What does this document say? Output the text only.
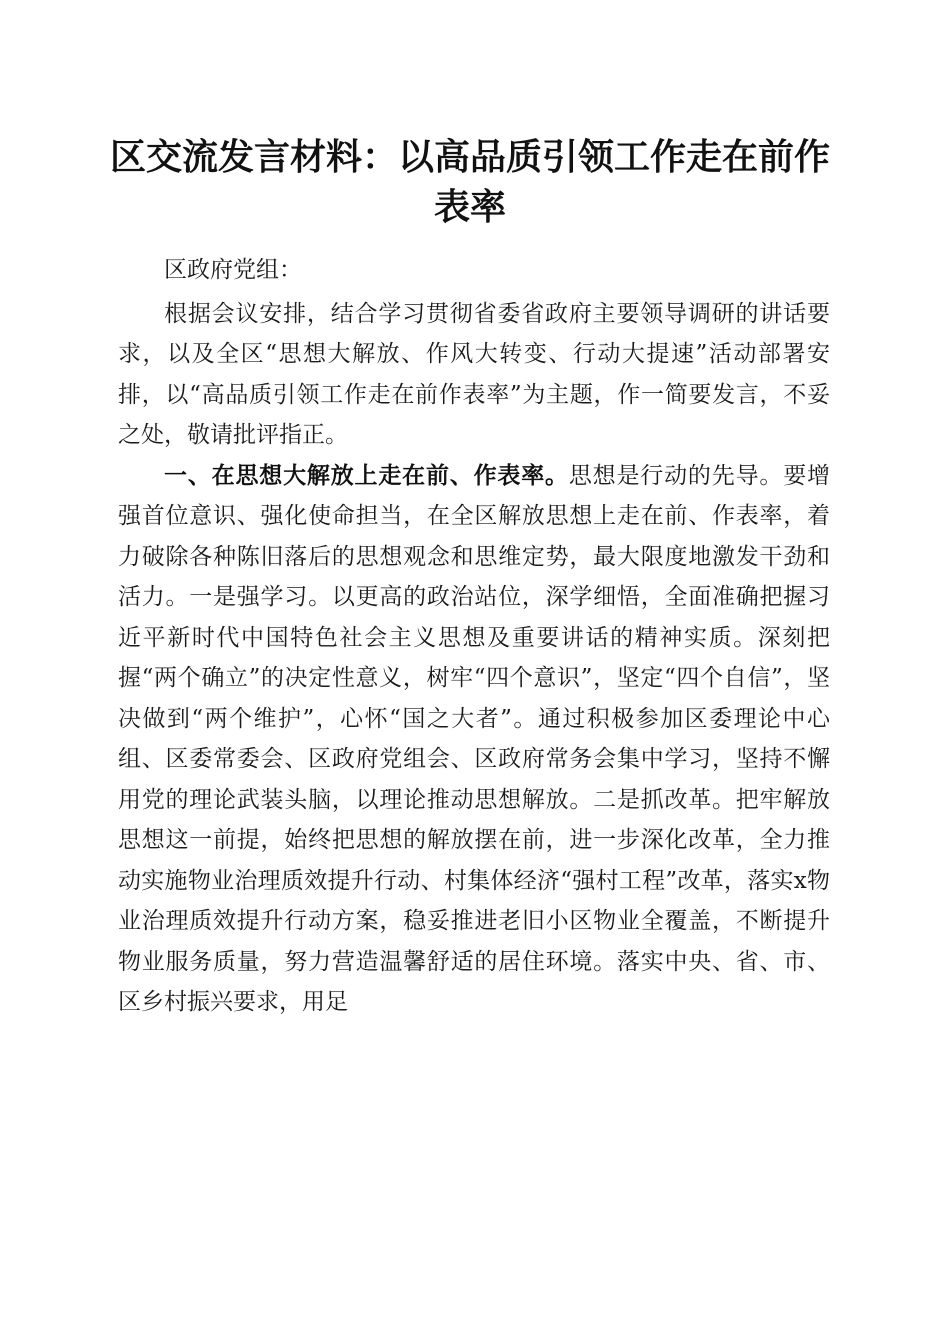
区交流发言材料：以高品质引领工作走在前作表率

区政府党组：

根据会议安排，结合学习贯彻省委省政府主要领导调研的讲话要求，以及全区“思想大解放、作风大转变、行动大提速”活动部署安排，以“高品质引领工作走在前作表率”为主题，作一简要发言，不妥之处，敬请批评指正。

一、在思想大解放上走在前、作表率。思想是行动的先导。要增强首位意识、强化使命担当，在全区解放思想上走在前、作表率，着力破除各种陈旧落后的思想观念和思维定势，最大限度地激发干劲和活力。一是强学习。以更高的政治站位，深学细悟，全面准确把握习近平新时代中国特色社会主义思想及重要讲话的精神实质。深刻把握“两个确立”的决定性意义，树牢“四个意识”，坚定“四个自信”，坚决做到“两个维护”，心怀“国之大者”。通过积极参加区委理论中心组、区委常委会、区政府党组会、区政府常务会集中学习，坚持不懈用党的理论武装头脑，以理论推动思想解放。二是抓改革。把牢解放思想这一前提，始终把思想的解放摆在前，进一步深化改革，全力推动实施物业治理质效提升行动、村集体经济“强村工程”改革，落实x物业治理质效提升行动方案，稳妥推进老旧小区物业全覆盖，不断提升物业服务质量，努力营造温馨舒适的居住环境。落实中央、省、市、区乡村振兴要求，用足
